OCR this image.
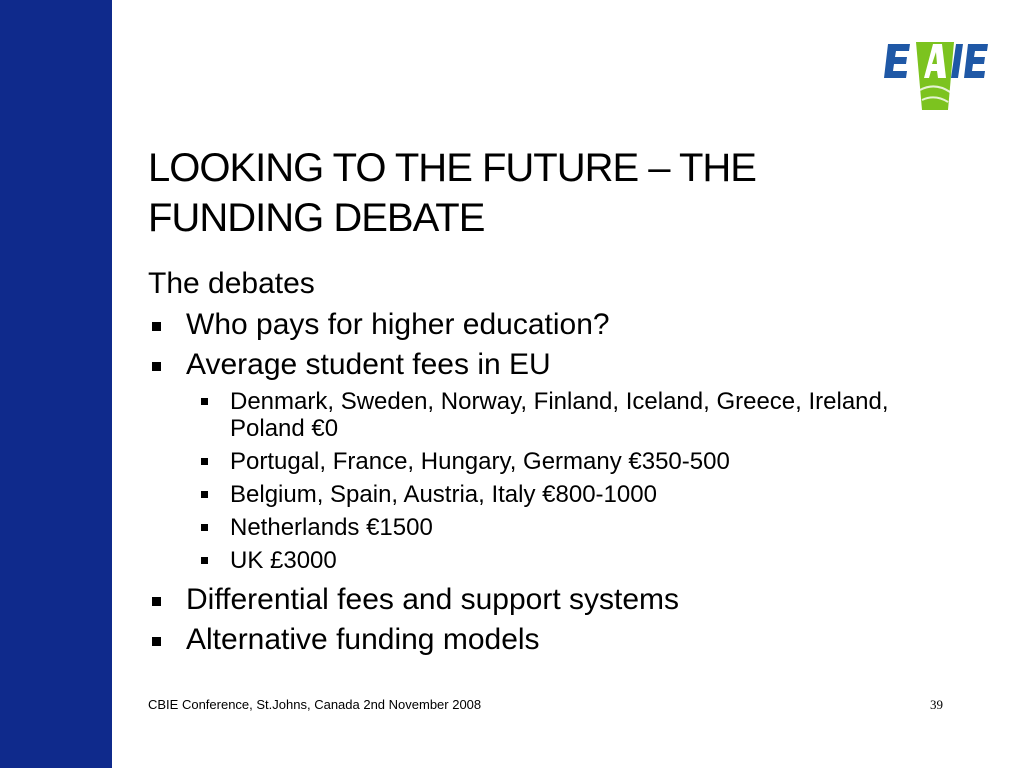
LOOKING TO THE FUTURE – THE
FUNDING DEBATE

The debates

Who pays for higher education?
Average student fees in EU
Denmark, Sweden, Norway, Finland, Iceland, Greece, Ireland, Poland €0
Portugal, France, Hungary, Germany €350-500
Belgium, Spain, Austria, Italy €800-1000
Netherlands €1500
UK £3000
Differential fees and support systems
Alternative funding models
CBIE Conference, St.Johns, Canada 2nd November 2008	39
